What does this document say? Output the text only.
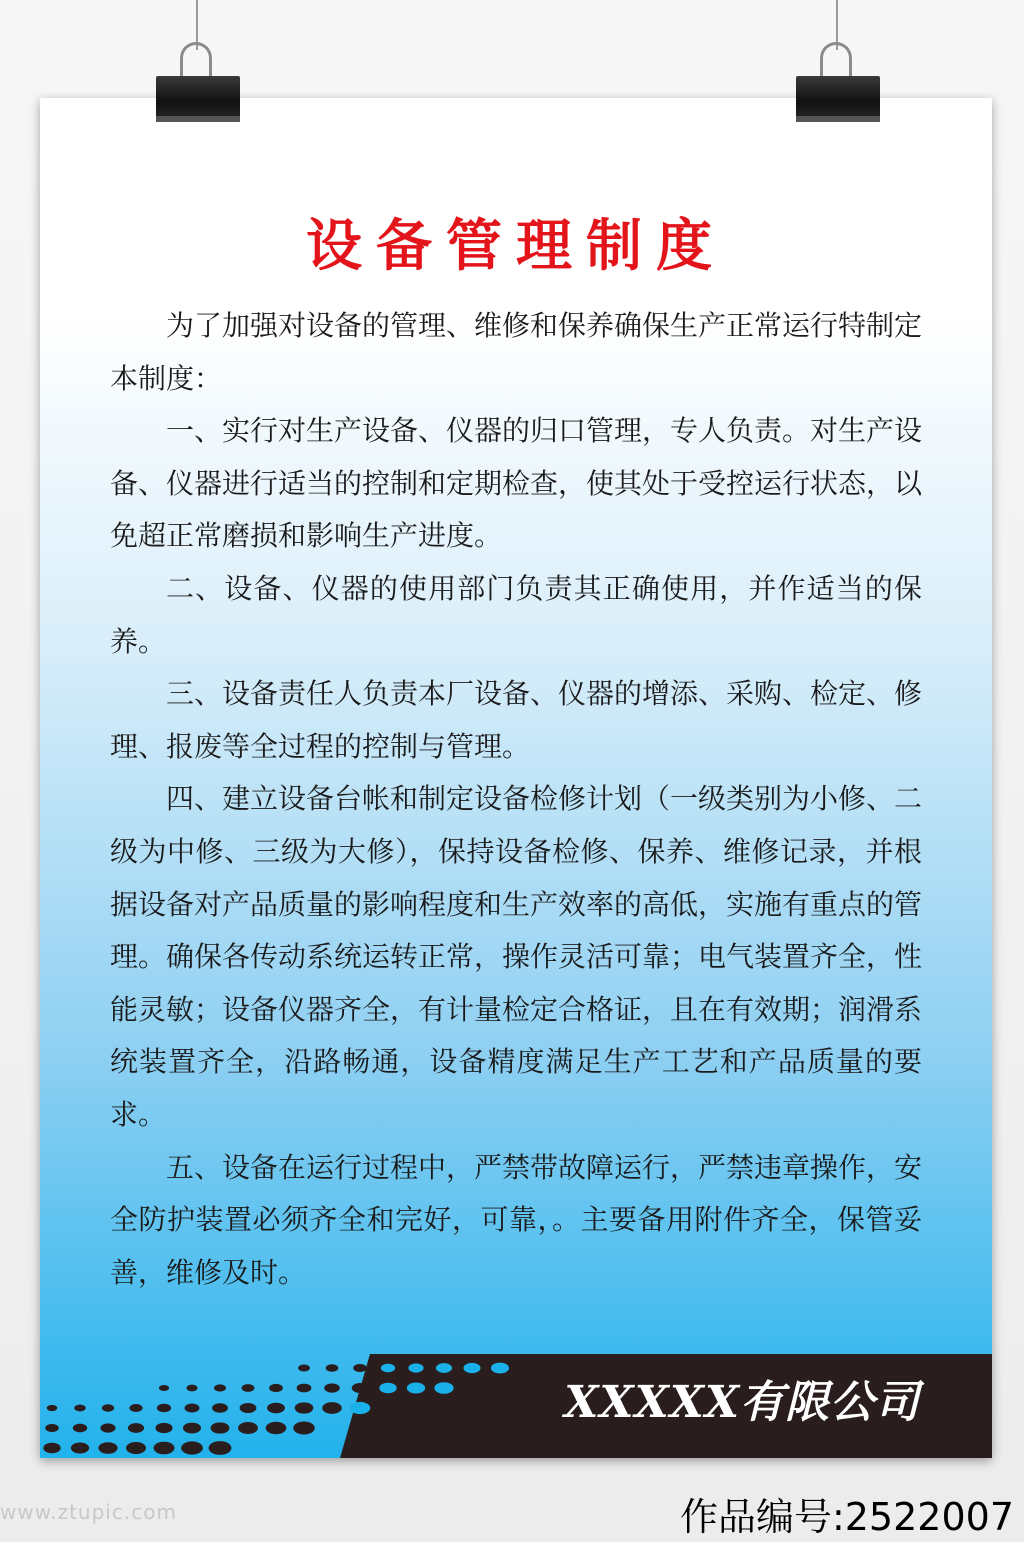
设备管理制度

为了加强对设备的管理、维修和保养确保生产正常运行特制定本制度：

一、实行对生产设备、仪器的归口管理，专人负责。对生产设备、仪器进行适当的控制和定期检查，使其处于受控运行状态，以免超正常磨损和影响生产进度。

二、设备、仪器的使用部门负责其正确使用，并作适当的保养。

三、设备责任人负责本厂设备、仪器的增添、采购、检定、修理、报废等全过程的控制与管理。

四、建立设备台帐和制定设备检修计划（一级类别为小修、二级为中修、三级为大修），保持设备检修、保养、维修记录，并根据设备对产品质量的影响程度和生产效率的高低，实施有重点的管理。确保各传动系统运转正常，操作灵活可靠；电气装置齐全，性能灵敏；设备仪器齐全，有计量检定合格证，且在有效期；润滑系统装置齐全，沿路畅通，设备精度满足生产工艺和产品质量的要求。

五、设备在运行过程中，严禁带故障运行，严禁违章操作，安全防护装置必须齐全和完好，可靠，。主要备用附件齐全，保管妥善，维修及时。

XXXXX有限公司
www.ztupic.com	作品编号:2522007
